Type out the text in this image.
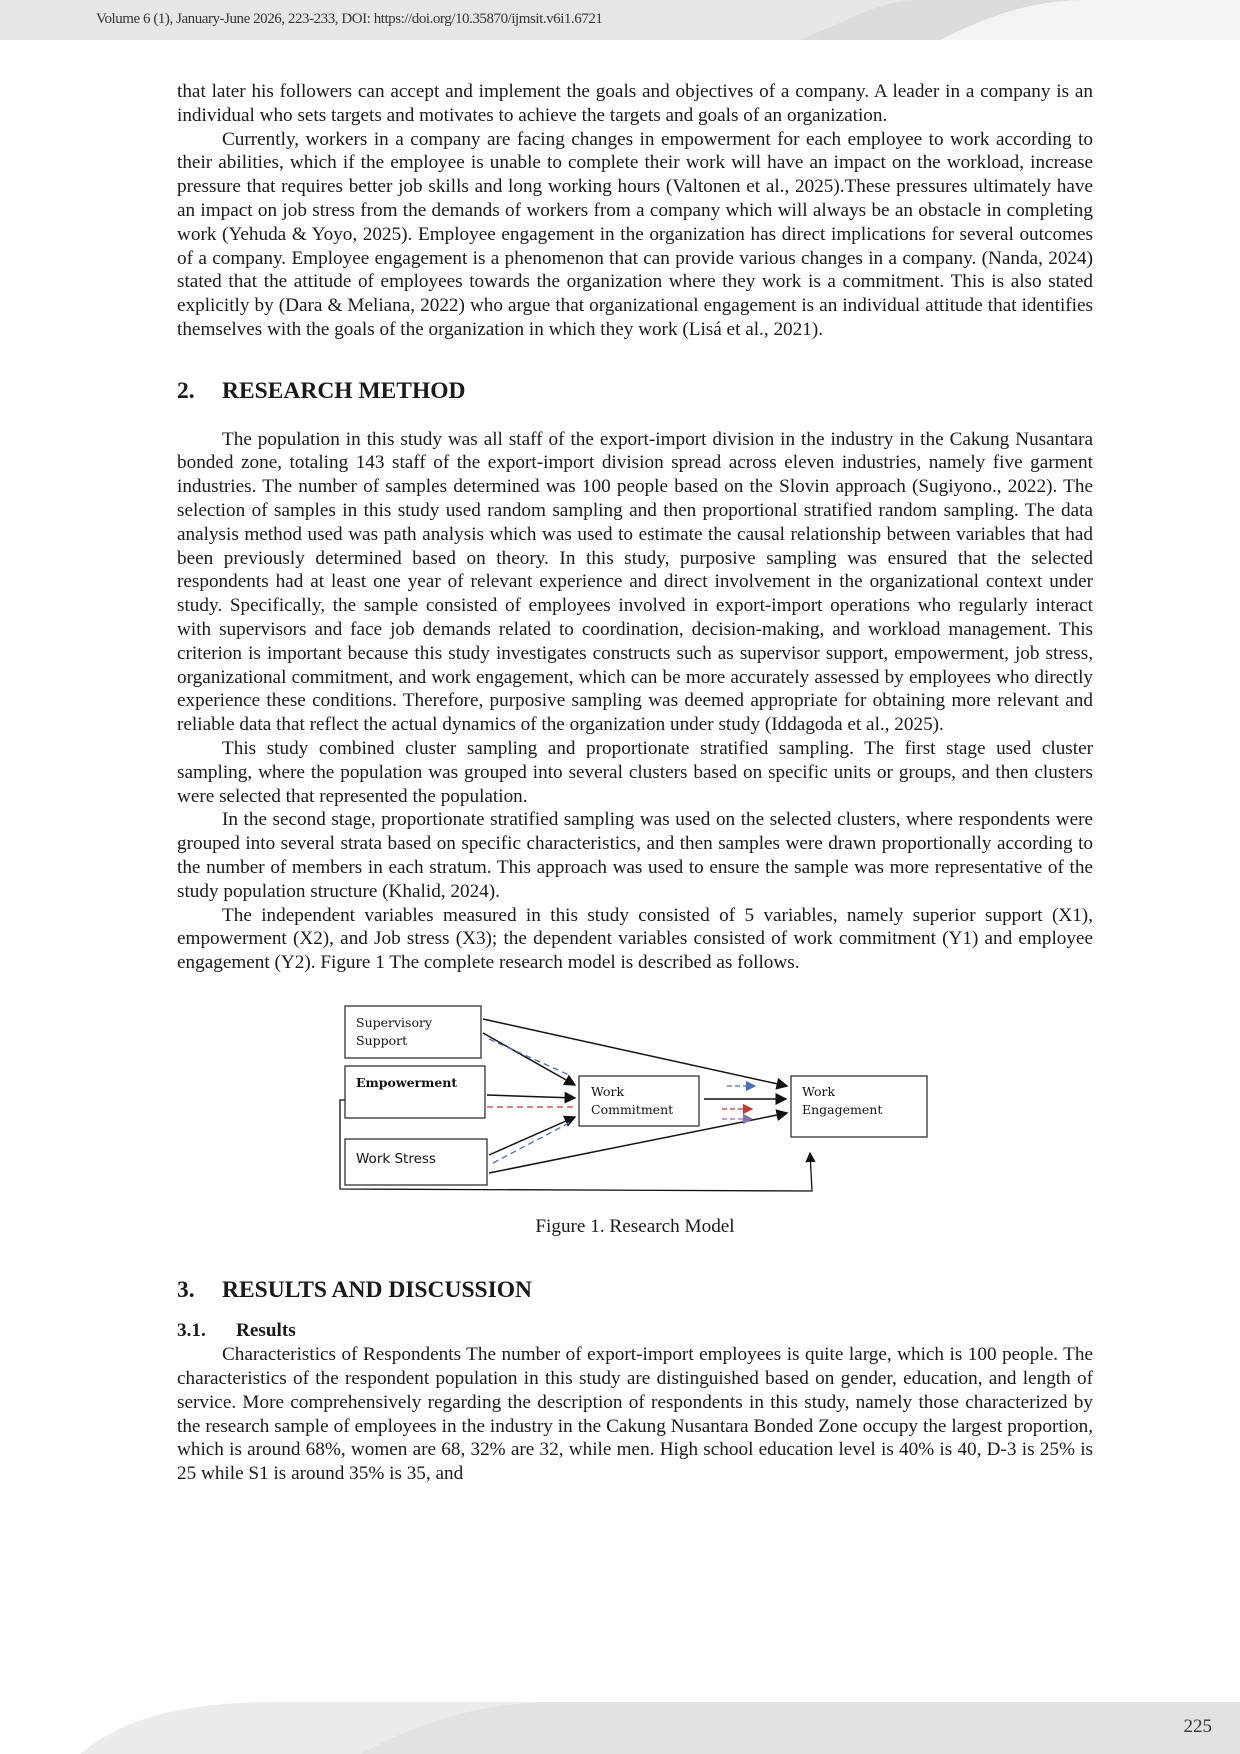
Volume 6 (1), January-June 2026, 223-233, DOI: https://doi.org/10.35870/ijmsit.v6i1.6721

that later his followers can accept and implement the goals and objectives of a company. A leader in a company is an individual who sets targets and motivates to achieve the targets and goals of an organization.

Currently, workers in a company are facing changes in empowerment for each employee to work according to their abilities, which if the employee is unable to complete their work will have an impact on the workload, increase pressure that requires better job skills and long working hours (Valtonen et al., 2025).These pressures ultimately have an impact on job stress from the demands of workers from a company which will always be an obstacle in completing work (Yehuda & Yoyo, 2025). Employee engagement in the organization has direct implications for several outcomes of a company. Employee engagement is a phenomenon that can provide various changes in a company. (Nanda, 2024) stated that the attitude of employees towards the organization where they work is a commitment. This is also stated explicitly by (Dara & Meliana, 2022) who argue that organizational engagement is an individual attitude that identifies themselves with the goals of the organization in which they work (Lisá et al., 2021).

2.	RESEARCH METHOD

The population in this study was all staff of the export-import division in the industry in the Cakung Nusantara bonded zone, totaling 143 staff of the export-import division spread across eleven industries, namely five garment industries. The number of samples determined was 100 people based on the Slovin approach (Sugiyono., 2022). The selection of samples in this study used random sampling and then proportional stratified random sampling. The data analysis method used was path analysis which was used to estimate the causal relationship between variables that had been previously determined based on theory. In this study, purposive sampling was ensured that the selected respondents had at least one year of relevant experience and direct involvement in the organizational context under study. Specifically, the sample consisted of employees involved in export-import operations who regularly interact with supervisors and face job demands related to coordination, decision-making, and workload management. This criterion is important because this study investigates constructs such as supervisor support, empowerment, job stress, organizational commitment, and work engagement, which can be more accurately assessed by employees who directly experience these conditions. Therefore, purposive sampling was deemed appropriate for obtaining more relevant and reliable data that reflect the actual dynamics of the organization under study (Iddagoda et al., 2025).

This study combined cluster sampling and proportionate stratified sampling. The first stage used cluster sampling, where the population was grouped into several clusters based on specific units or groups, and then clusters were selected that represented the population.

In the second stage, proportionate stratified sampling was used on the selected clusters, where respondents were grouped into several strata based on specific characteristics, and then samples were drawn proportionally according to the number of members in each stratum. This approach was used to ensure the sample was more representative of the study population structure (Khalid, 2024).

The independent variables measured in this study consisted of 5 variables, namely superior support (X1), empowerment (X2), and Job stress (X3); the dependent variables consisted of work commitment (Y1) and employee engagement (Y2). Figure 1 The complete research model is described as follows.

Supervisory
Support
Empowerment
Work Stress
Work
Commitment
Work
Engagement

Figure 1. Research Model

3.	RESULTS AND DISCUSSION
3.1.	Results

Characteristics of Respondents The number of export-import employees is quite large, which is 100 people. The characteristics of the respondent population in this study are distinguished based on gender, education, and length of service. More comprehensively regarding the description of respondents in this study, namely those characterized by the research sample of employees in the industry in the Cakung Nusantara Bonded Zone occupy the largest proportion, which is around 68%, women are 68, 32% are 32, while men. High school education level is 40% is 40, D-3 is 25% is 25 while S1 is around 35% is 35, and

225
